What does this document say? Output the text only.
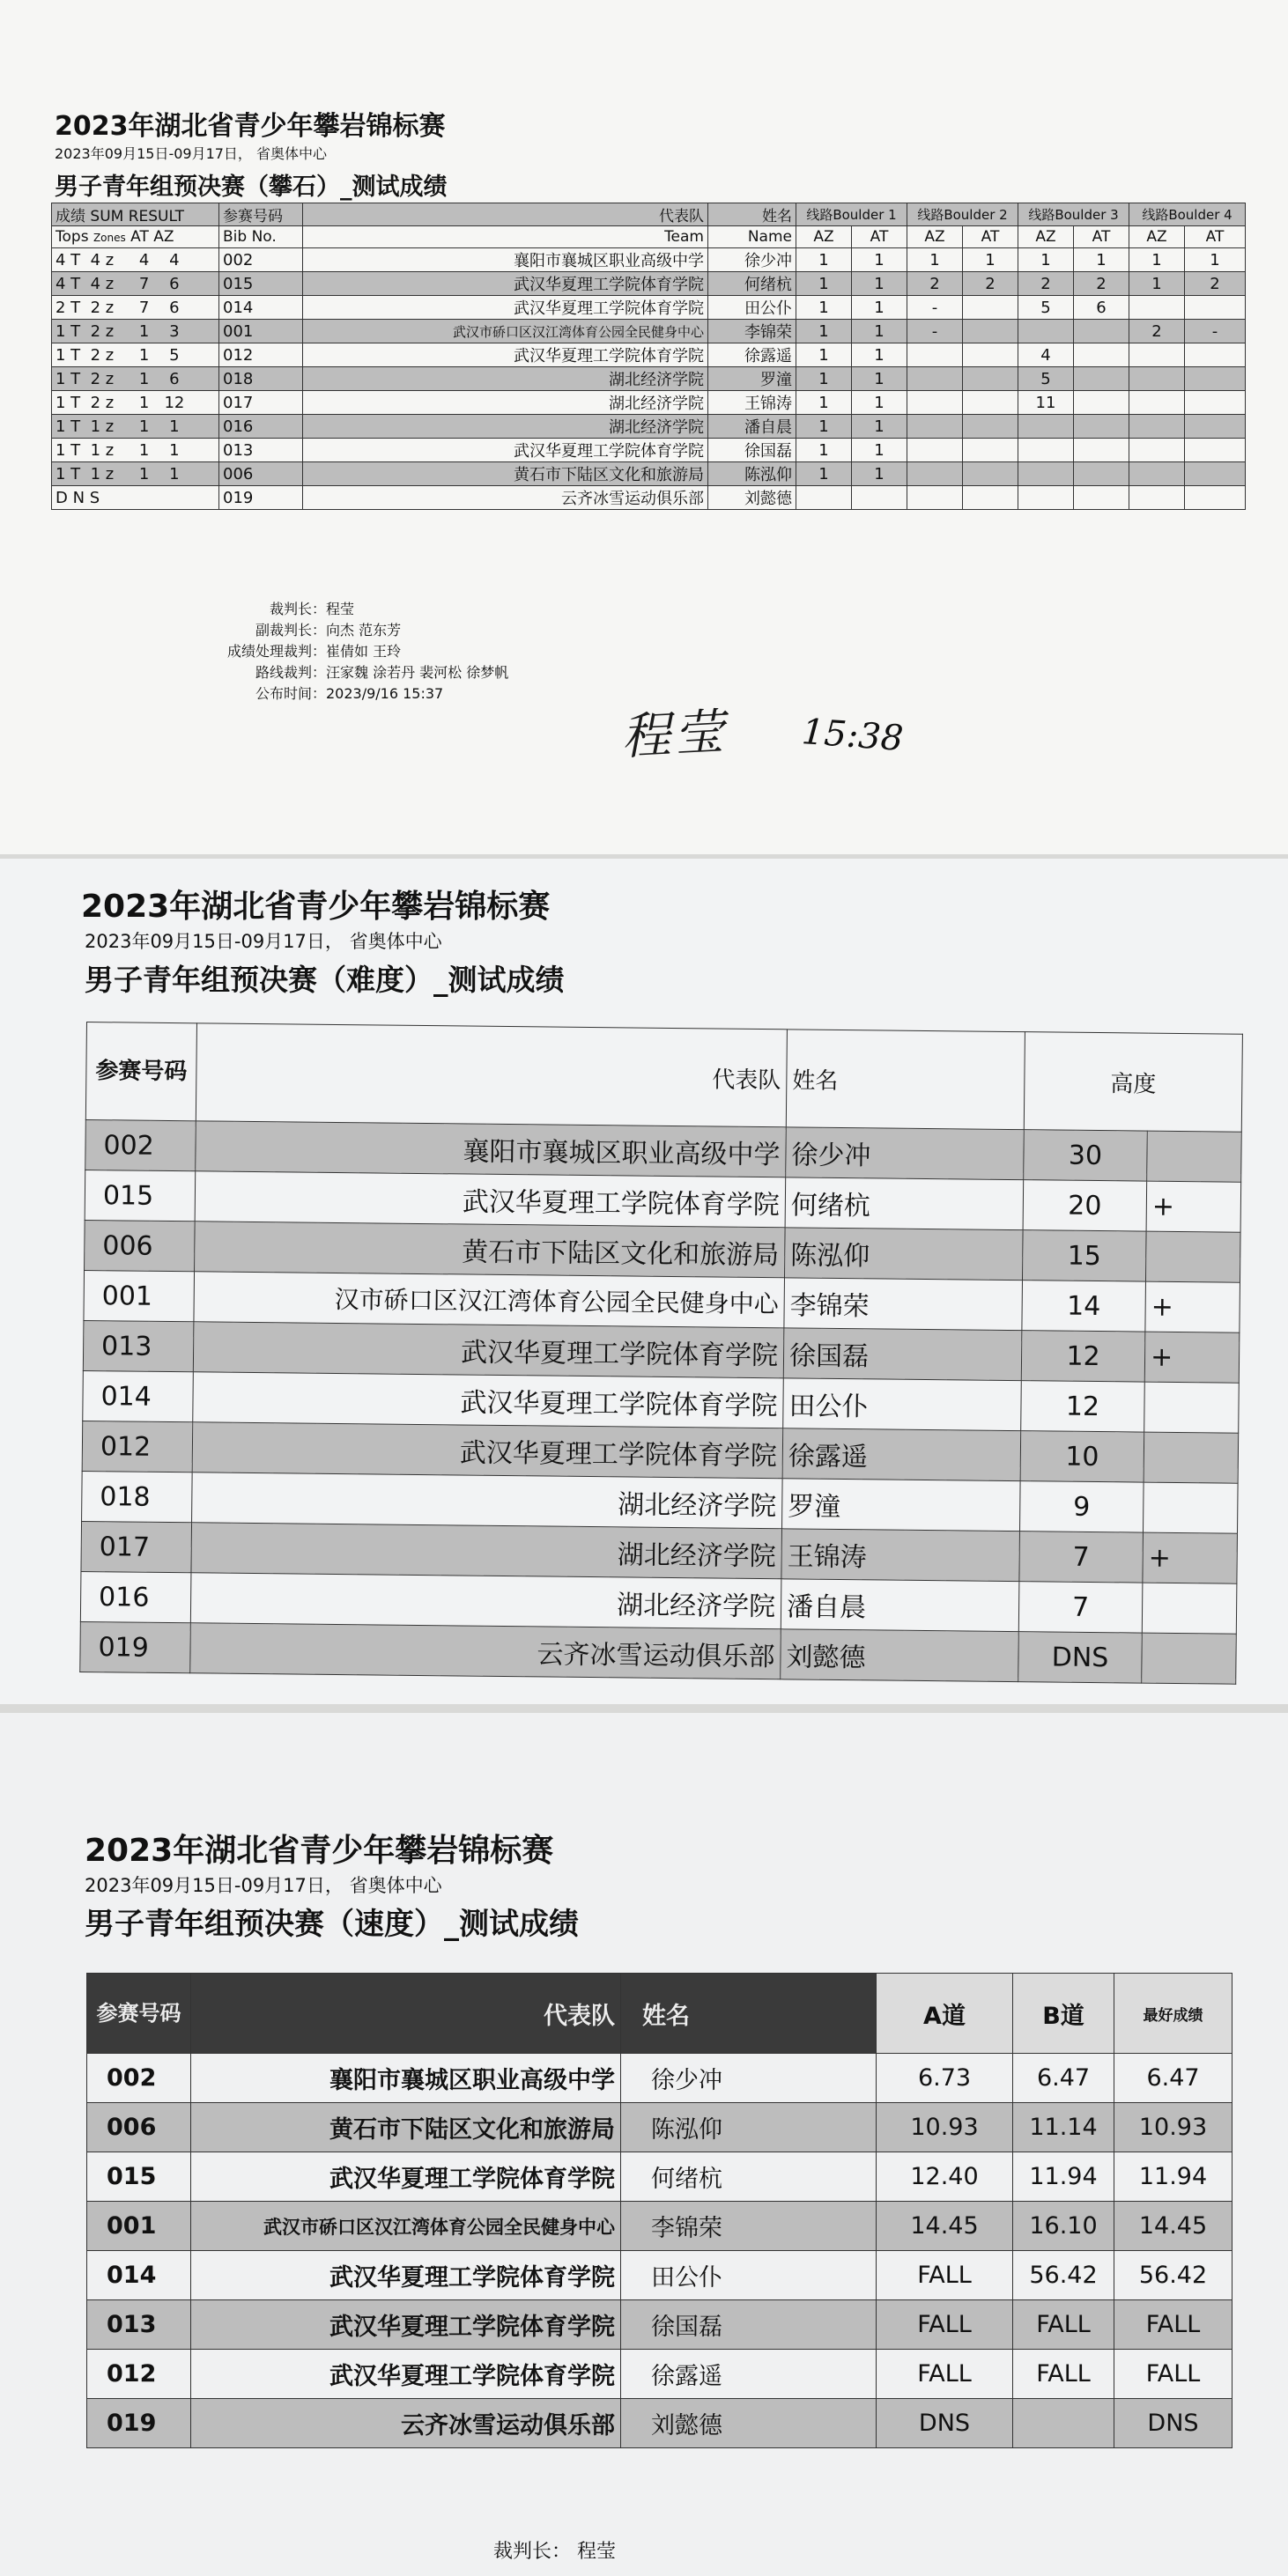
2023年湖北省青少年攀岩锦标赛
2023年09月15日-09月17日， 省奥体中心
男子青年组预决赛（攀石）_测试成绩
成绩 SUM RESULT	参赛号码	代表队	姓名	线路Boulder 1		线路Boulder 2		线路Boulder 3		线路Boulder 4	
Tops Zones AT AZ	Bib No.	Team	Name	AZ	AT	AZ	AT	AZ	AT	AZ	AT
4 T  4 z     4    4	002	襄阳市襄城区职业高级中学	徐少冲	1	1	1	1	1	1	1	1
4 T  4 z     7    6	015	武汉华夏理工学院体育学院	何绪杭	1	1	2	2	2	2	1	2
2 T  2 z     7    6	014	武汉华夏理工学院体育学院	田公仆	1	1	-		5	6		
1 T  2 z     1    3	001	武汉市硚口区汉江湾体育公园全民健身中心	李锦荣	1	1	-				2	-
1 T  2 z     1    5	012	武汉华夏理工学院体育学院	徐露遥	1	1			4			
1 T  2 z     1    6	018	湖北经济学院	罗潼	1	1			5			
1 T  2 z     1   12	017	湖北经济学院	王锦涛	1	1			11			
1 T  1 z     1    1	016	湖北经济学院	潘自晨	1	1						
1 T  1 z     1    1	013	武汉华夏理工学院体育学院	徐国磊	1	1						
1 T  1 z     1    1	006	黄石市下陆区文化和旅游局	陈泓仰	1	1						
D N S	019	云齐冰雪运动俱乐部	刘懿德								
裁判长：程莹
副裁判长：向杰 范东芳
成绩处理裁判：崔倩如 王玲
路线裁判：汪家魏 涂若丹 裴河松 徐梦帆
公布时间：2023/9/16 15:37
程莹 15:38
2023年湖北省青少年攀岩锦标赛
2023年09月15日-09月17日， 省奥体中心
男子青年组预决赛（难度）_测试成绩
参赛号码	代表队	姓名	高度	
002	襄阳市襄城区职业高级中学	徐少冲	30	
015	武汉华夏理工学院体育学院	何绪杭	20	+
006	黄石市下陆区文化和旅游局	陈泓仰	15	
001	汉市硚口区汉江湾体育公园全民健身中心	李锦荣	14	+
013	武汉华夏理工学院体育学院	徐国磊	12	+
014	武汉华夏理工学院体育学院	田公仆	12	
012	武汉华夏理工学院体育学院	徐露遥	10	
018	湖北经济学院	罗潼	9	
017	湖北经济学院	王锦涛	7	+
016	湖北经济学院	潘自晨	7	
019	云齐冰雪运动俱乐部	刘懿德	DNS	
2023年湖北省青少年攀岩锦标赛
2023年09月15日-09月17日， 省奥体中心
男子青年组预决赛（速度）_测试成绩
参赛号码	代表队	姓名	A道	B道	最好成绩
002	襄阳市襄城区职业高级中学	徐少冲	6.73	6.47	6.47
006	黄石市下陆区文化和旅游局	陈泓仰	10.93	11.14	10.93
015	武汉华夏理工学院体育学院	何绪杭	12.40	11.94	11.94
001	武汉市硚口区汉江湾体育公园全民健身中心	李锦荣	14.45	16.10	14.45
014	武汉华夏理工学院体育学院	田公仆	FALL	56.42	56.42
013	武汉华夏理工学院体育学院	徐国磊	FALL	FALL	FALL
012	武汉华夏理工学院体育学院	徐露遥	FALL	FALL	FALL
019	云齐冰雪运动俱乐部	刘懿德	DNS		DNS
裁判长： 程莹
